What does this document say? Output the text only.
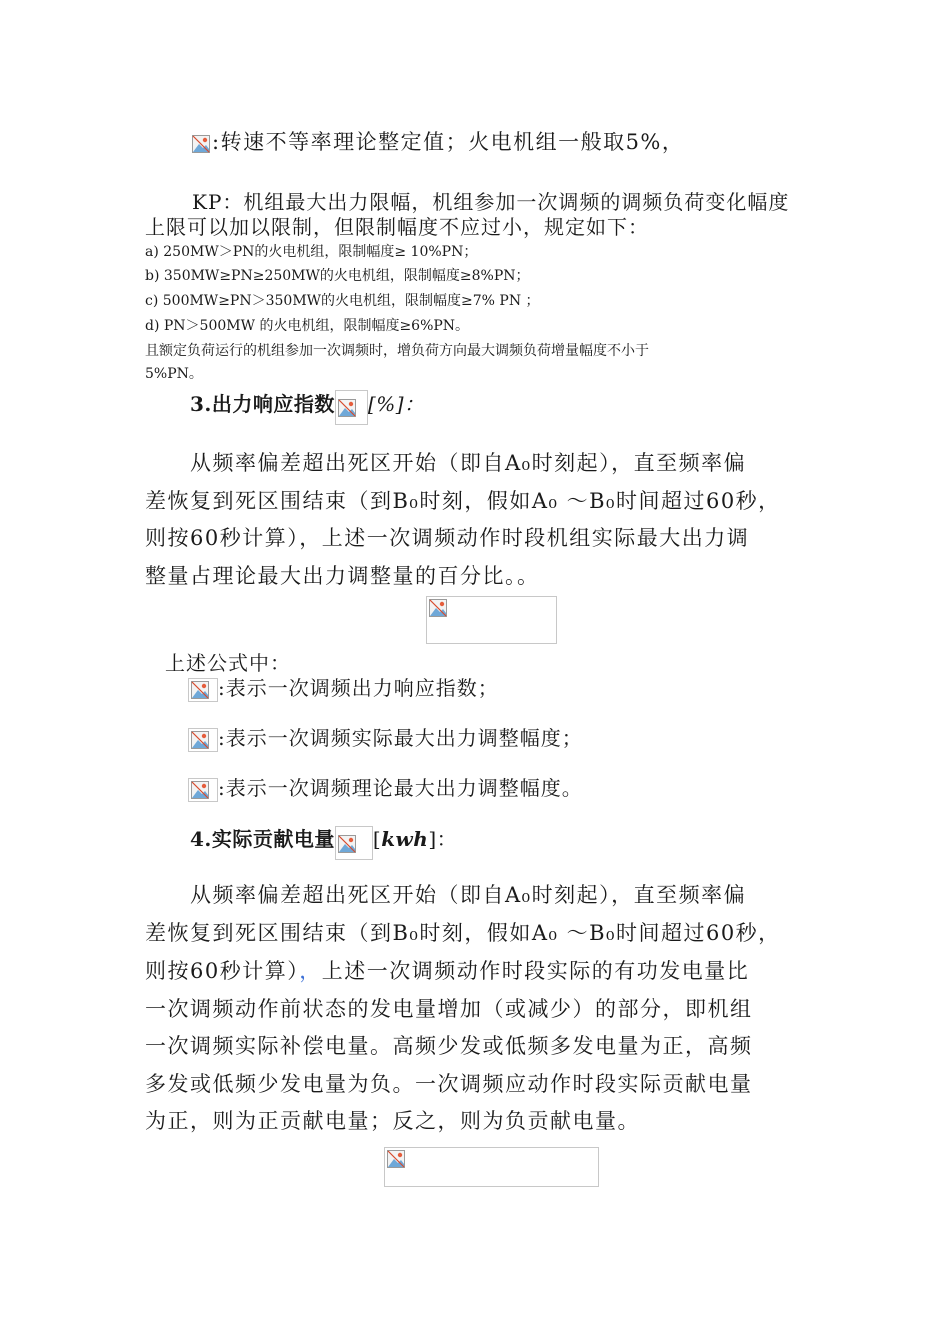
:转速不等率理论整定值；火电机组一般取5%，
KP：机组最大出力限幅，机组参加一次调频的调频负荷变化幅度
上限可以加以限制，但限制幅度不应过小，规定如下：
a) 250MW＞PN的火电机组，限制幅度≥ 10%PN；
b) 350MW≥PN≥250MW的火电机组，限制幅度≥8%PN；
c) 500MW≥PN＞350MW的火电机组，限制幅度≥7% PN ；
d) PN＞500MW 的火电机组，限制幅度≥6%PN。
且额定负荷运行的机组参加一次调频时，增负荷方向最大调频负荷增量幅度不小于
5%PN。
3.出力响应指数 [%]：
从频率偏差超出死区开始（即自A₀时刻起），直至频率偏
差恢复到死区围结束（到B₀时刻，假如A₀ ～B₀时间超过60秒，
则按60秒计算），上述一次调频动作时段机组实际最大出力调
整量占理论最大出力调整量的百分比。。
上述公式中：
:表示一次调频出力响应指数；
:表示一次调频实际最大出力调整幅度；
:表示一次调频理论最大出力调整幅度。
4.实际贡献电量 [kwh]：
从频率偏差超出死区开始（即自A₀时刻起），直至频率偏
差恢复到死区围结束（到B₀时刻，假如A₀ ～B₀时间超过60秒，
则按60秒计算），上述一次调频动作时段实际的有功发电量比
一次调频动作前状态的发电量增加（或减少）的部分，即机组
一次调频实际补偿电量。高频少发或低频多发电量为正，高频
多发或低频少发电量为负。一次调频应动作时段实际贡献电量
为正，则为正贡献电量；反之，则为负贡献电量。
